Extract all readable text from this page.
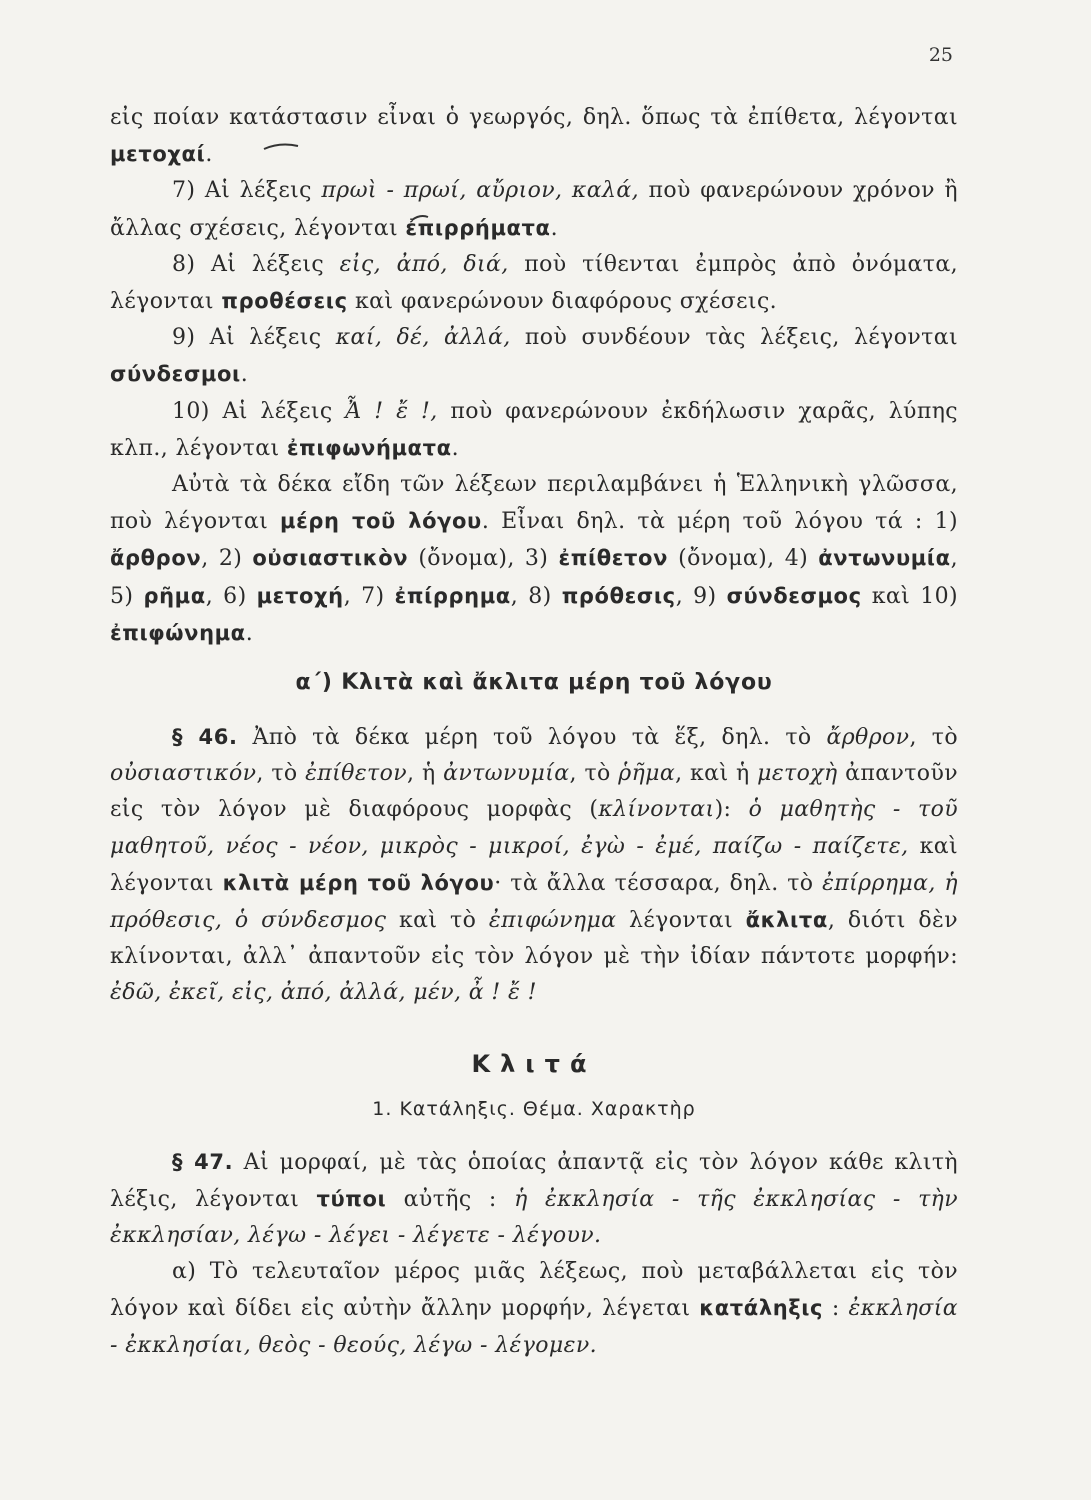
25

εἰς ποίαν κατάστασιν εἶναι ὁ γεωργός, δηλ. ὅπως τὰ ἐπίθετα, λέγονται μετοχαί.

7) Αἱ λέξεις πρωὶ - πρωί, αὔριον, καλά, ποὺ φανερώνουν χρόνον ἢ ἄλλας σχέσεις, λέγονται ἐπιρρήματα.

8) Αἱ λέξεις εἰς, ἀπό, διά, ποὺ τίθενται ἐμπρὸς ἀπὸ ὀνόματα, λέγονται προθέσεις καὶ φανερώνουν διαφόρους σχέσεις.

9) Αἱ λέξεις καί, δέ, ἀλλά, ποὺ συνδέουν τὰς λέξεις, λέγονται σύνδεσμοι.

10) Αἱ λέξεις Ἆ ! ἔ !, ποὺ φανερώνουν ἐκδήλωσιν χαρᾶς, λύπης κλπ., λέγονται ἐπιφωνήματα.

Αὐτὰ τὰ δέκα εἴδη τῶν λέξεων περιλαμβάνει ἡ Ἑλληνικὴ γλῶσσα, ποὺ λέγονται μέρη τοῦ λόγου. Εἶναι δηλ. τὰ μέρη τοῦ λόγου τά : 1) ἄρθρον, 2) οὐσιαστικὸν (ὄνομα), 3) ἐπίθετον (ὄνομα), 4) ἀντωνυμία, 5) ρῆμα, 6) μετοχή, 7) ἐπίρρημα, 8) πρόθεσις, 9) σύνδεσμος καὶ 10) ἐπιφώνημα.

α΄) Κλιτὰ καὶ ἄκλιτα μέρη τοῦ λόγου

§ 46. Ἀπὸ τὰ δέκα μέρη τοῦ λόγου τὰ ἕξ, δηλ. τὸ ἄρθρον, τὸ οὐσιαστικόν, τὸ ἐπίθετον, ἡ ἀντωνυμία, τὸ ῥῆμα, καὶ ἡ μετοχὴ ἀπαντοῦν εἰς τὸν λόγον μὲ διαφόρους μορφὰς (κλίνονται): ὁ μαθητὴς - τοῦ μαθητοῦ, νέος - νέον, μικρὸς - μικροί, ἐγὼ - ἐμέ, παίζω - παίζετε, καὶ λέγονται κλιτὰ μέρη τοῦ λόγου· τὰ ἄλλα τέσσαρα, δηλ. τὸ ἐπίρρημα, ἡ πρόθεσις, ὁ σύνδεσμος καὶ τὸ ἐπιφώνημα λέγονται ἄκλιτα, διότι δὲν κλίνονται, ἀλλ᾿ ἀπαντοῦν εἰς τὸν λόγον μὲ τὴν ἰδίαν πάντοτε μορφήν: ἐδῶ, ἐκεῖ, εἰς, ἀπό, ἀλλά, μέν, ἆ ! ἔ !

Κλιτά
1. Κατάληξις. Θέμα. Χαρακτὴρ

§ 47. Αἱ μορφαί, μὲ τὰς ὁποίας ἀπαντᾷ εἰς τὸν λόγον κάθε κλιτὴ λέξις, λέγονται τύποι αὐτῆς : ἡ ἐκκλησία - τῆς ἐκκλησίας - τὴν ἐκκλησίαν, λέγω - λέγει - λέγετε - λέγουν.

α) Τὸ τελευταῖον μέρος μιᾶς λέξεως, ποὺ μεταβάλλεται εἰς τὸν λόγον καὶ δίδει εἰς αὐτὴν ἄλλην μορφήν, λέγεται κατάληξις : ἐκκλησία - ἐκκλησίαι, θεὸς - θεούς, λέγω - λέγομεν.
